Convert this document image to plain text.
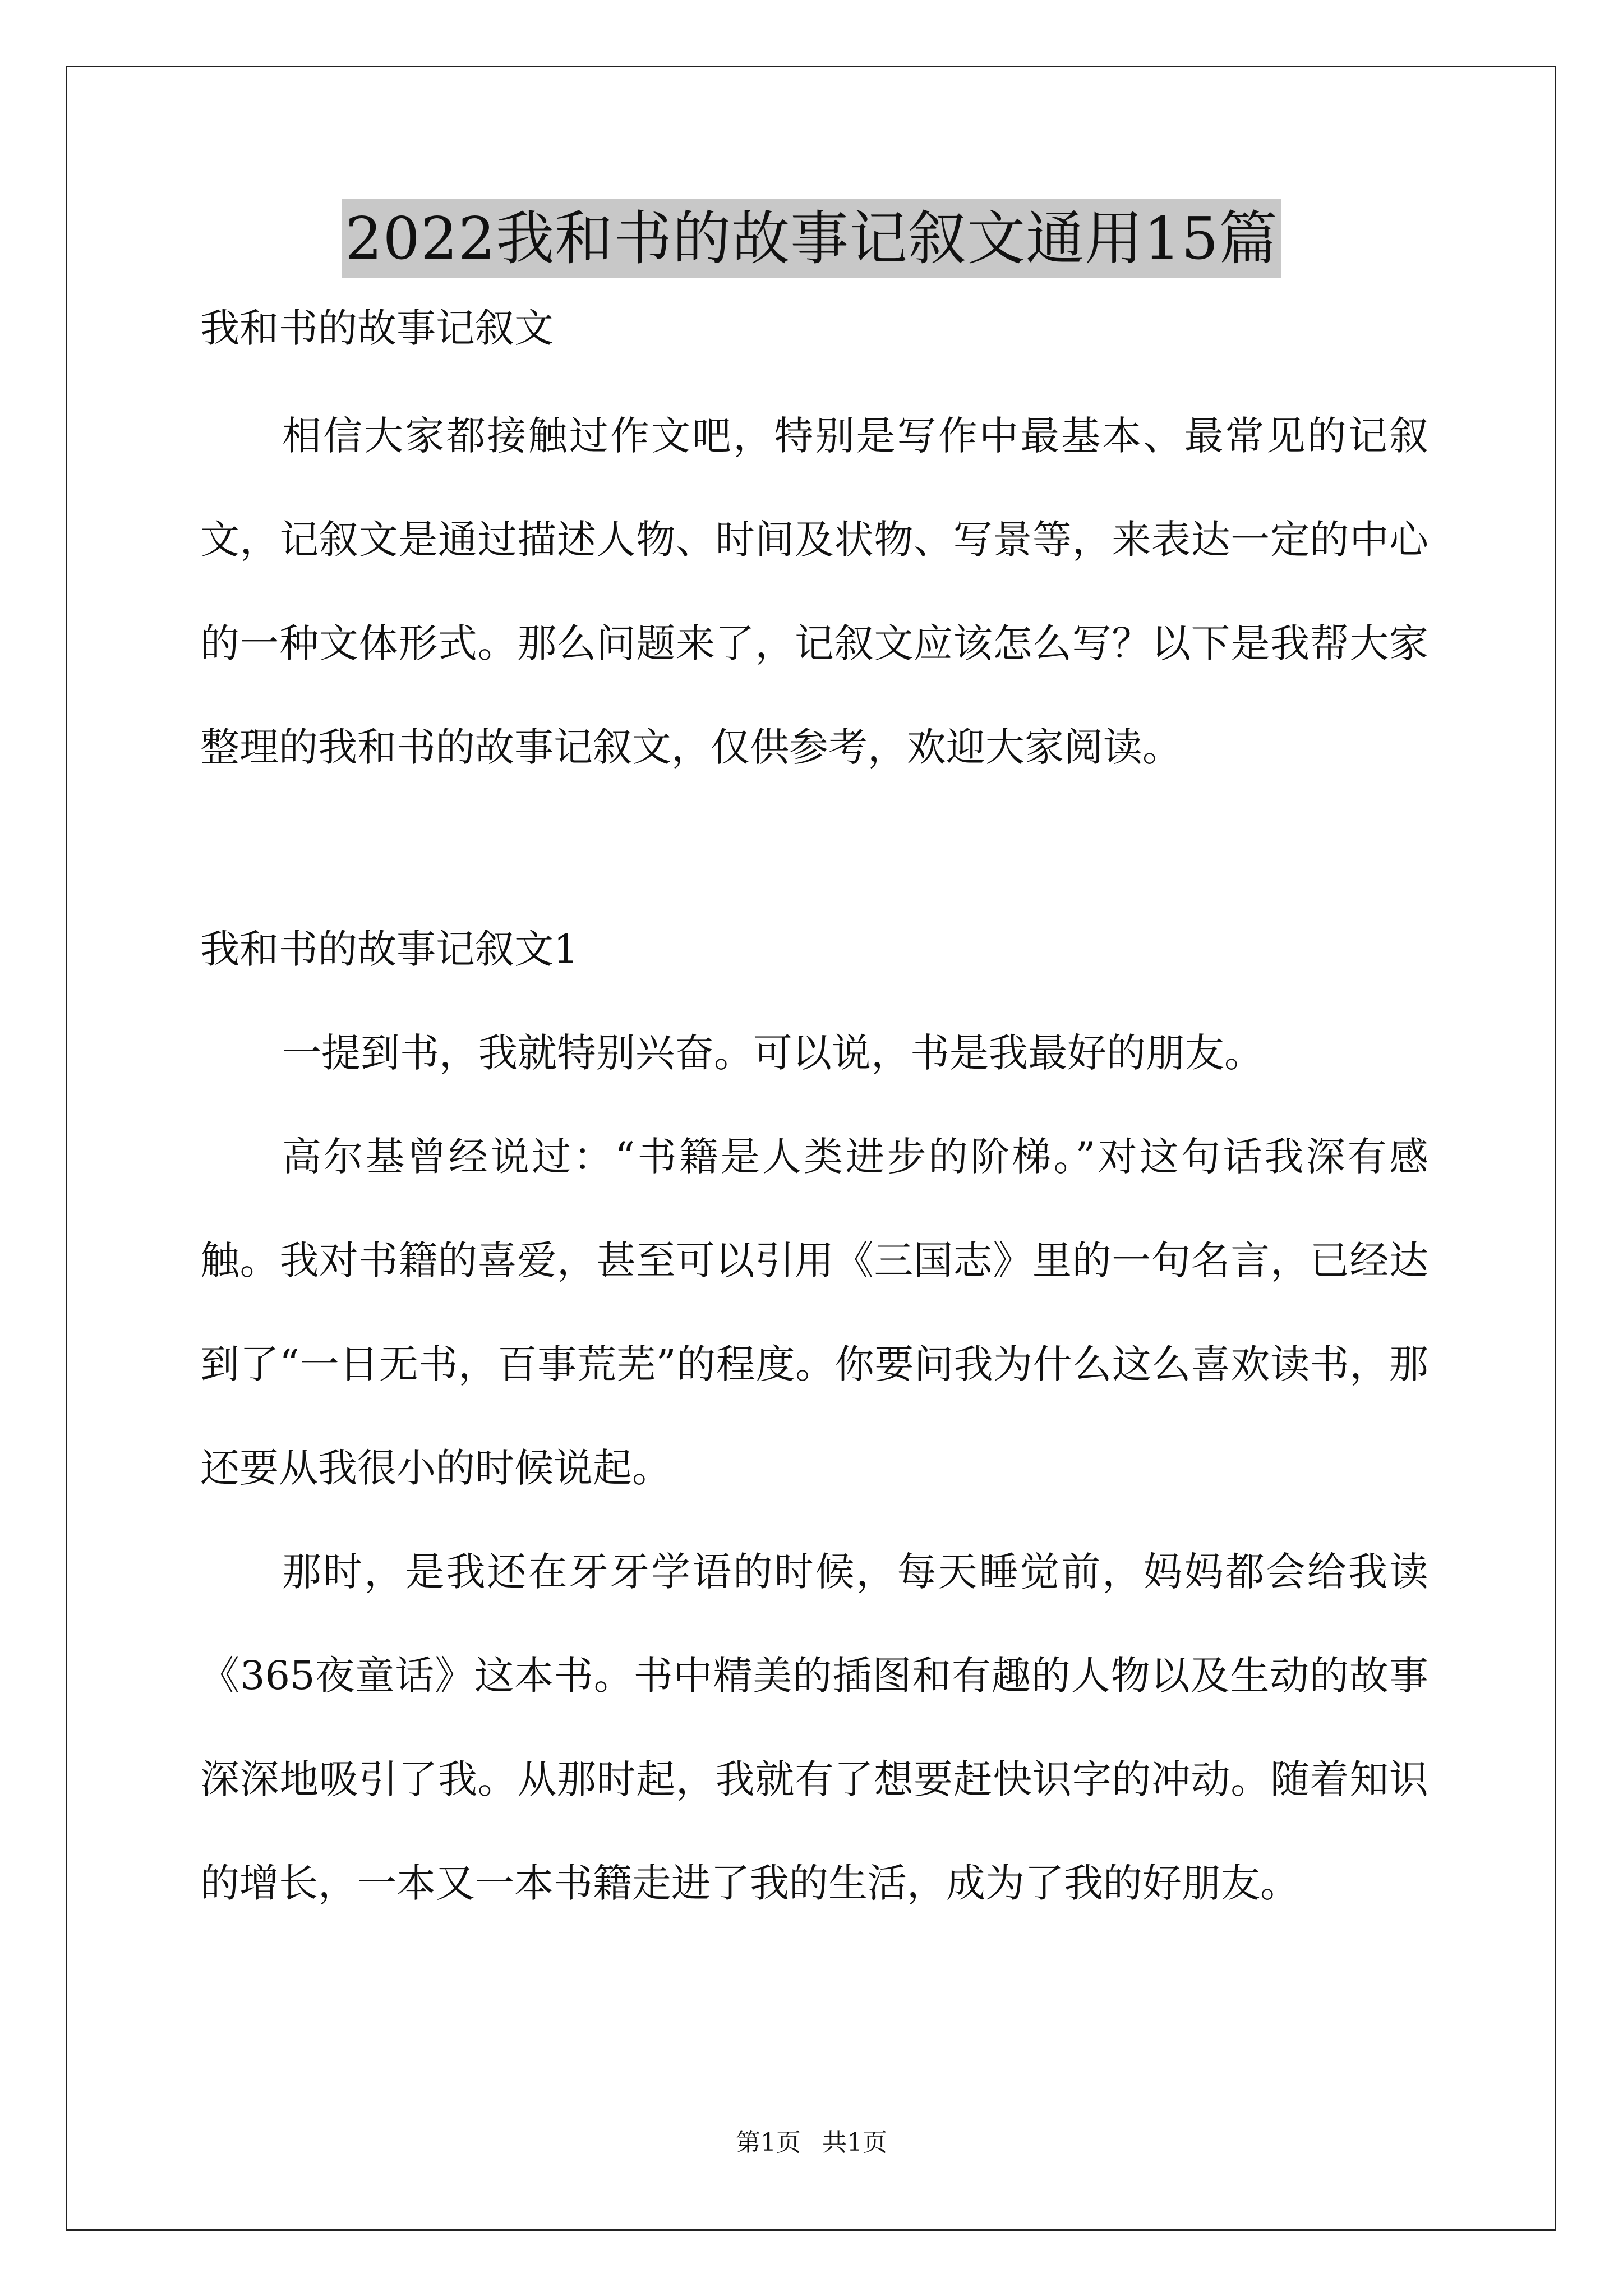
2022我和书的故事记叙文通用15篇

我和书的故事记叙文

相信大家都接触过作文吧，特别是写作中最基本、最常见的记叙文，记叙文是通过描述人物、时间及状物、写景等，来表达一定的中心的一种文体形式。那么问题来了，记叙文应该怎么写？以下是我帮大家整理的我和书的故事记叙文，仅供参考，欢迎大家阅读。

我和书的故事记叙文1

一提到书，我就特别兴奋。可以说，书是我最好的朋友。

高尔基曾经说过：“书籍是人类进步的阶梯。”对这句话我深有感触。我对书籍的喜爱，甚至可以引用《三国志》里的一句名言，已经达到了“一日无书，百事荒芜”的程度。你要问我为什么这么喜欢读书，那还要从我很小的时候说起。

那时，是我还在牙牙学语的时候，每天睡觉前，妈妈都会给我读《365夜童话》这本书。书中精美的插图和有趣的人物以及生动的故事深深地吸引了我。从那时起，我就有了想要赶快识字的冲动。随着知识的增长，一本又一本书籍走进了我的生活，成为了我的好朋友。

第1页 共1页
